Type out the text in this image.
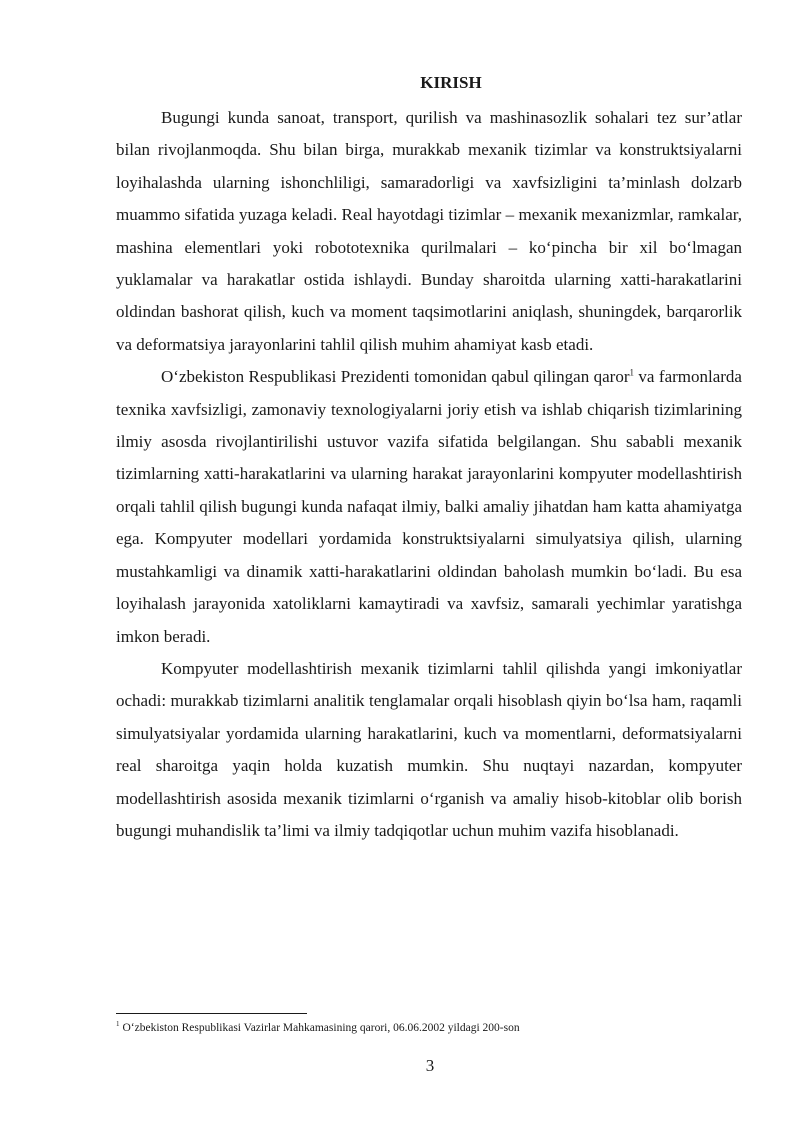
KIRISH

Bugungi kunda sanoat, transport, qurilish va mashinasozlik sohalari tez sur’atlar bilan rivojlanmoqda. Shu bilan birga, murakkab mexanik tizimlar va konstruktsiyalarni loyihalashda ularning ishonchliligi, samaradorligi va xavfsizligini ta’minlash dolzarb muammo sifatida yuzaga keladi. Real hayotdagi tizimlar – mexanik mexanizmlar, ramkalar, mashina elementlari yoki robototexnika qurilmalari – ko‘pincha bir xil bo‘lmagan yuklamalar va harakatlar ostida ishlaydi. Bunday sharoitda ularning xatti-harakatlarini oldindan bashorat qilish, kuch va moment taqsimotlarini aniqlash, shuningdek, barqarorlik va deformatsiya jarayonlarini tahlil qilish muhim ahamiyat kasb etadi.

O‘zbekiston Respublikasi Prezidenti tomonidan qabul qilingan qaror$^1$ va farmonlarda texnika xavfsizligi, zamonaviy texnologiyalarni joriy etish va ishlab chiqarish tizimlarining ilmiy asosda rivojlantirilishi ustuvor vazifa sifatida belgilangan. Shu sababli mexanik tizimlarning xatti-harakatlarini va ularning harakat jarayonlarini kompyuter modellashtirish orqali tahlil qilish bugungi kunda nafaqat ilmiy, balki amaliy jihatdan ham katta ahamiyatga ega. Kompyuter modellari yordamida konstruktsiyalarni simulyatsiya qilish, ularning mustahkamligi va dinamik xatti-harakatlarini oldindan baholash mumkin bo‘ladi. Bu esa loyihalash jarayonida xatoliklarni kamaytiradi va xavfsiz, samarali yechimlar yaratishga imkon beradi.

Kompyuter modellashtirish mexanik tizimlarni tahlil qilishda yangi imkoniyatlar ochadi: murakkab tizimlarni analitik tenglamalar orqali hisoblash qiyin bo‘lsa ham, raqamli simulyatsiyalar yordamida ularning harakatlarini, kuch va momentlarni, deformatsiyalarni real sharoitga yaqin holda kuzatish mumkin. Shu nuqtayi nazardan, kompyuter modellashtirish asosida mexanik tizimlarni o‘rganish va amaliy hisob-kitoblar olib borish bugungi muhandislik ta’limi va ilmiy tadqiqotlar uchun muhim vazifa hisoblanadi.

$^1$ O‘zbekiston Respublikasi Vazirlar Mahkamasining qarori, 06.06.2002 yildagi 200-son
3
